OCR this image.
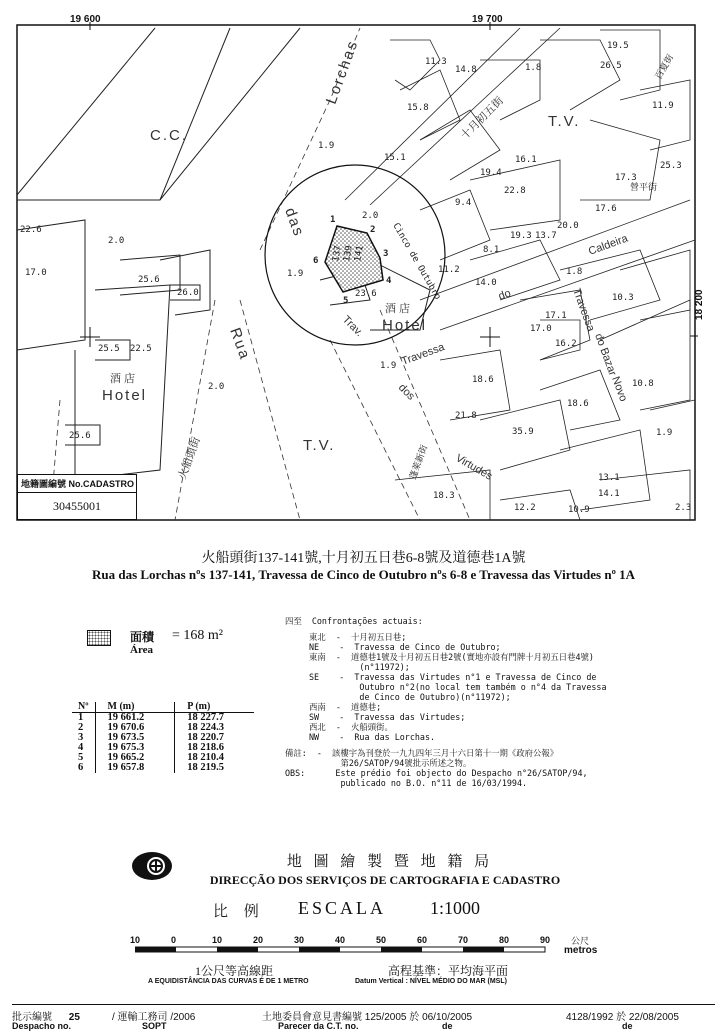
19 600	19 700
18 200
C.C.
T.V.
T.V.
酒 店
Hotel
酒 店
Hotel
Lorchas
Rua
das
Trav.
Travessa
dos
Virtudes
Cinco de Outubro	do
Caldeira
Travessa
do Bazar
Novo
十月初五街
火船頭街	蓬萊新街
百夏街
營平街
1
2
3
4
5
6 137
139
141
11.3
14.8	1.8
19.5
26.5
15.8	11.9
1.9
15.1	16.1
25.3
19.4
22.8
17.3
9.4
17.6
2.0
19.3 13.7
20.0
22.6
2.0
8.1
17.0
25.6
26.0
1.9	11.2
14.0
1.8
10.3
23.6
17.1
17.0
16.2
25.5 22.5
1.9
10.8
18.6
2.0
21.8
18.6
25.6	35.9	1.9
18.3
13.1
14.1
12.2	10.9	2.3
地籍圖編號 No.CADASTRO
30455001
火船頭街137-141號,十月初五日巷6-8號及道德巷1A號
Rua das Lorchas nºs 137-141, Travessa de Cinco de Outubro nºs 6-8 e Travessa das Virtudes nº 1A
面積
Área
= 168 m²
Nº	M (m)	P (m)
1	19 661.2	18 227.7
2	19 670.6	18 224.3
3	19 673.5	18 220.7
4	19 675.3	18 218.6
5	19 665.2	18 210.4
6	19 657.8	18 219.5
四至  Confrontações actuais:
東北  -  十月初五日巷;
NE    -  Travessa de Cinco de Outubro;
東南  -  道德巷1號及十月初五日巷2號(實地亦設有門牌十月初五日巷4號)
(n°11972);
SE    -  Travessa das Virtudes n°1 e Travessa de Cinco de
Outubro n°2(no local tem também o n°4 da Travessa
de Cinco de Outubro)(n°11972);
西南  -  道德巷;
SW    -  Travessa das Virtudes;
西北  -  火船頭街。
NW    -  Rua das Lorchas.
備註:  -  該樓宇為刊登於一九九四年三月十六日第十一期《政府公報》
第26/SATOP/94號批示所述之物。
OBS:      Este prédio foi objecto do Despacho n°26/SATOP/94,
publicado no B.O. n°11 de 16/03/1994.
地 圖 繪 製 暨 地 籍 局
DIRECÇÃO DOS SERVIÇOS DE CARTOGRAFIA E CADASTRO
比 例 ESCALA 1:1000
10	0	10	20	30	40	50	60	70	80	90 公尺
metros
1公尺等高線距
A EQUIDISTÂNCIA DAS CURVAS É DE 1 METRO
高程基準：平均海平面
Datum Vertical : NÍVEL MÉDIO DO MAR (MSL)
批示編號 25
Despacho no.
/ 運輸工務司 /2006
SOPT
土地委員會意見書編號 125/2005 於 06/10/2005
Parecer da C.T. no.	de
4128/1992 於 22/08/2005
de
